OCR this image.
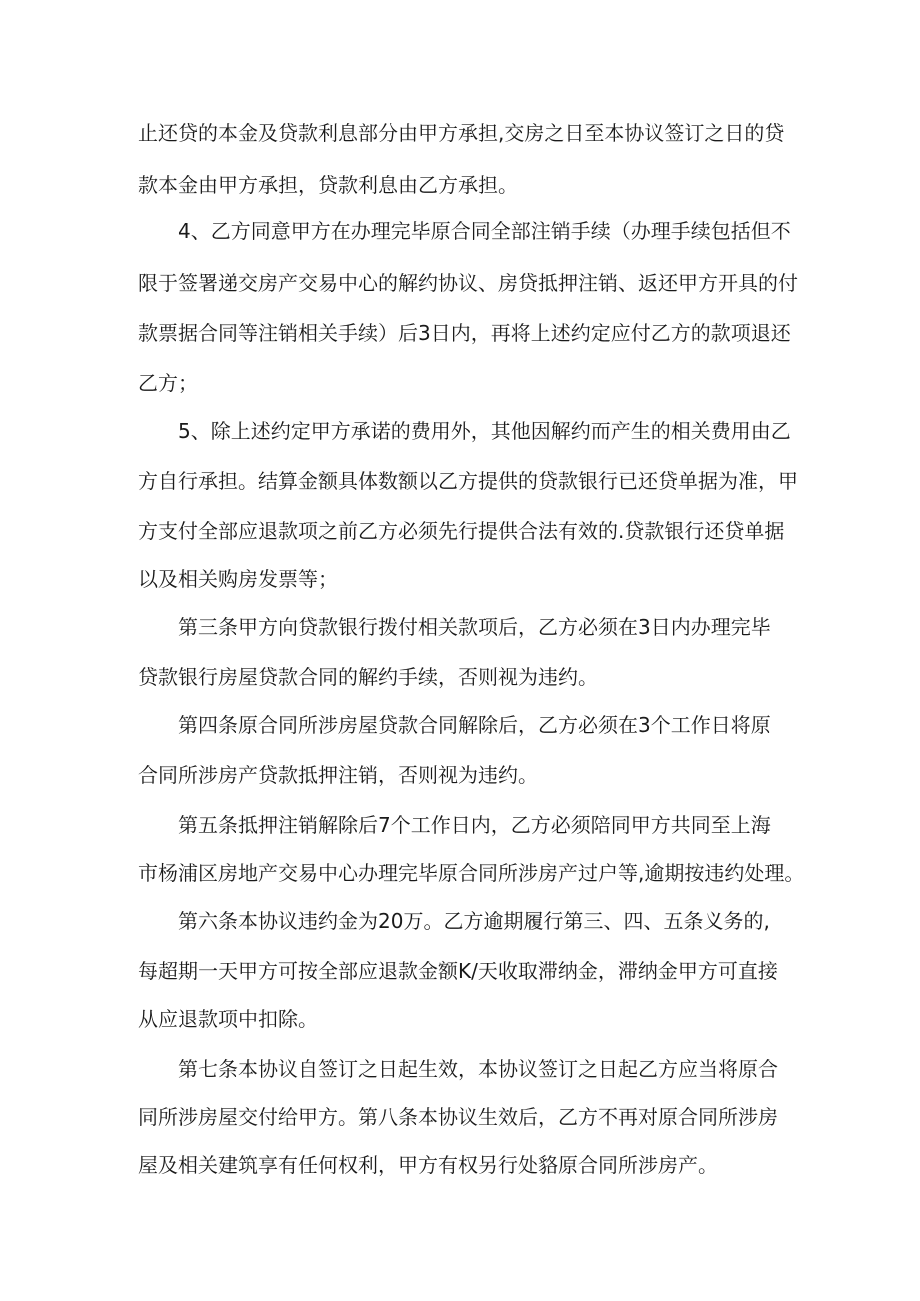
止还贷的本金及贷款利息部分由甲方承担,交房之日至本协议签订之日的贷
款本金由甲方承担，贷款利息由乙方承担。
4、乙方同意甲方在办理完毕原合同全部注销手续（办理手续包括但不
限于签署递交房产交易中心的解约协议、房贷抵押注销、返还甲方开具的付
款票据合同等注销相关手续）后3日内，再将上述约定应付乙方的款项退还
乙方；
5、除上述约定甲方承诺的费用外，其他因解约而产生的相关费用由乙
方自行承担。结算金额具体数额以乙方提供的贷款银行已还贷单据为准，甲
方支付全部应退款项之前乙方必须先行提供合法有效的.贷款银行还贷单据
以及相关购房发票等；
第三条甲方向贷款银行拨付相关款项后，乙方必须在3日内办理完毕
贷款银行房屋贷款合同的解约手续，否则视为违约。
第四条原合同所涉房屋贷款合同解除后，乙方必须在3个工作日将原
合同所涉房产贷款抵押注销，否则视为违约。
第五条抵押注销解除后7个工作日内，乙方必须陪同甲方共同至上海
市杨浦区房地产交易中心办理完毕原合同所涉房产过户等,逾期按违约处理。
第六条本协议违约金为20万。乙方逾期履行第三、四、五条义务的,
每超期一天甲方可按全部应退款金额K/天收取滞纳金，滞纳金甲方可直接
从应退款项中扣除。
第七条本协议自签订之日起生效，本协议签订之日起乙方应当将原合
同所涉房屋交付给甲方。第八条本协议生效后，乙方不再对原合同所涉房
屋及相关建筑享有任何权利，甲方有权另行处貉原合同所涉房产。
